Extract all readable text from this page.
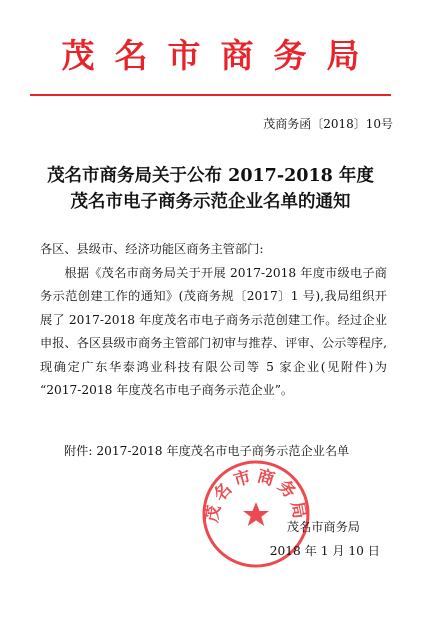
茂名市商务局
茂商务函〔2018〕10号
茂名市商务局关于公布 2017-2018 年度
茂名市电子商务示范企业名单的通知
各区、县级市、经济功能区商务主管部门:
根据《茂名市商务局关于开展 2017-2018 年度市级电子商务示范创建工作的通知》(茂商务规〔2017〕1 号),我局组织开展了 2017-2018 年度茂名市电子商务示范创建工作。经过企业申报、各区县级市商务主管部门初审与推荐、评审、公示等程序,现确定广东华泰鸿业科技有限公司等 5 家企业(见附件)为 “2017-2018 年度茂名市电子商务示范企业”。
附件: 2017-2018 年度茂名市电子商务示范企业名单
茂名市商务局
茂名市商务局
2018 年 1 月 10 日
